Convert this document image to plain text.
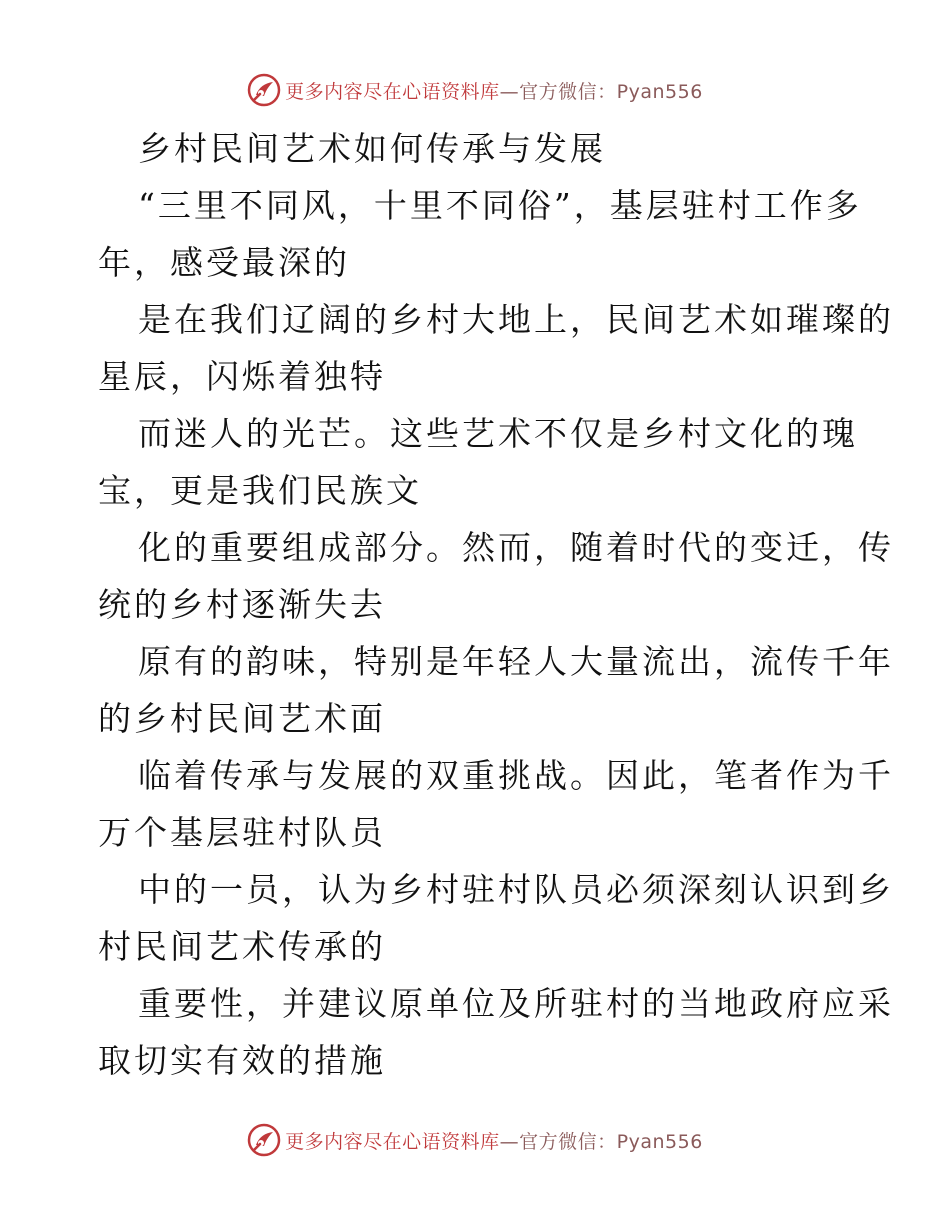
更多内容尽在心语资料库—官方微信：Pyan556
乡村民间艺术如何传承与发展

“三里不同风，十里不同俗”，基层驻村工作多
年，感受最深的

是在我们辽阔的乡村大地上，民间艺术如璀璨的
星辰，闪烁着独特

而迷人的光芒。这些艺术不仅是乡村文化的瑰
宝，更是我们民族文

化的重要组成部分。然而，随着时代的变迁，传
统的乡村逐渐失去

原有的韵味，特别是年轻人大量流出，流传千年
的乡村民间艺术面

临着传承与发展的双重挑战。因此，笔者作为千
万个基层驻村队员

中的一员，认为乡村驻村队员必须深刻认识到乡
村民间艺术传承的

重要性，并建议原单位及所驻村的当地政府应采
取切实有效的措施

更多内容尽在心语资料库—官方微信：Pyan556
